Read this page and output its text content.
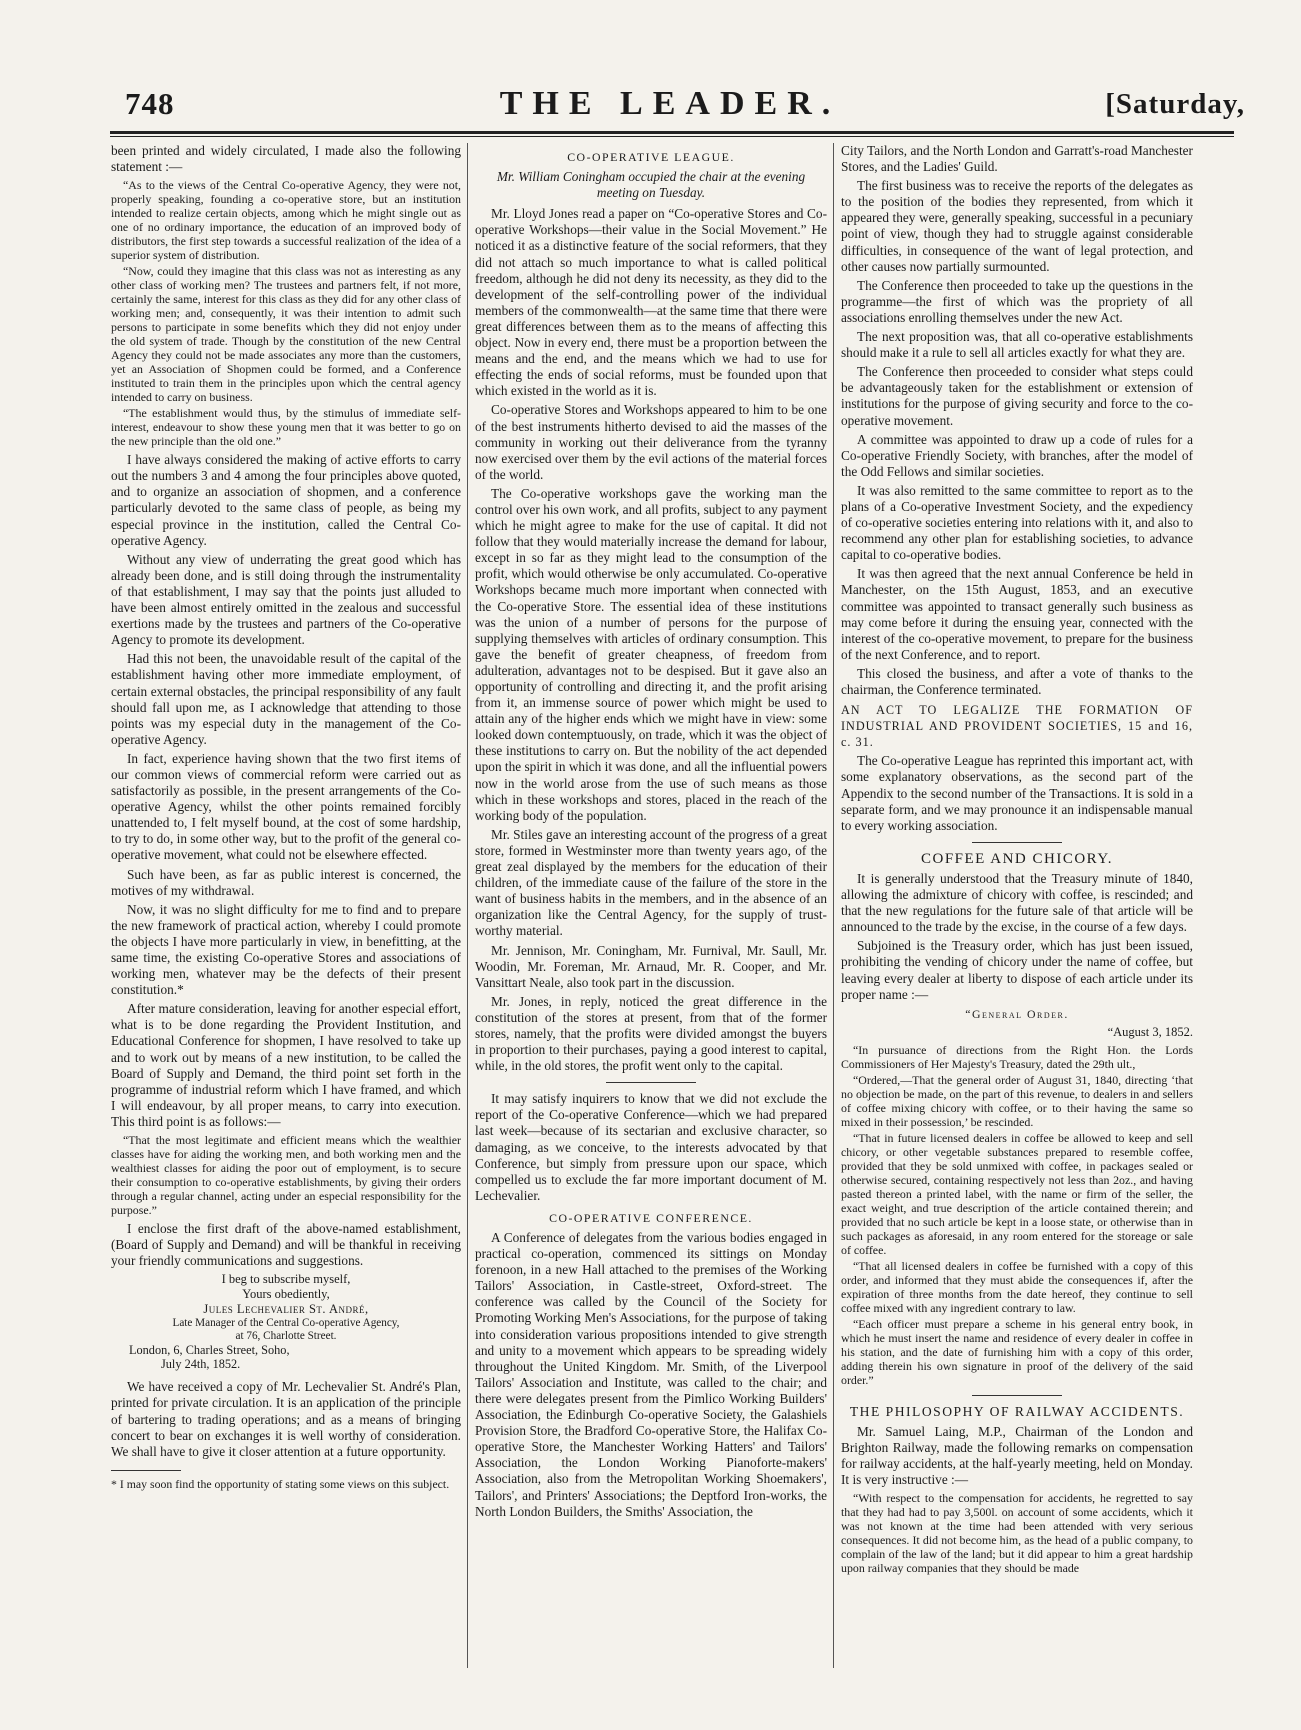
748	THE LEADER.	[Saturday,

been printed and widely circulated, I made also the following statement :—

“As to the views of the Central Co-operative Agency, they were not, properly speaking, founding a co-operative store, but an institution intended to realize certain objects, among which he might single out as one of no ordinary importance, the education of an improved body of distributors, the first step towards a successful realization of the idea of a superior system of distribution.

“Now, could they imagine that this class was not as interesting as any other class of working men? The trustees and partners felt, if not more, certainly the same, interest for this class as they did for any other class of working men; and, consequently, it was their intention to admit such persons to participate in some benefits which they did not enjoy under the old system of trade. Though by the constitution of the new Central Agency they could not be made associates any more than the customers, yet an Association of Shopmen could be formed, and a Conference instituted to train them in the principles upon which the central agency intended to carry on business.

“The establishment would thus, by the stimulus of immediate self-interest, endeavour to show these young men that it was better to go on the new principle than the old one.”

I have always considered the making of active efforts to carry out the numbers 3 and 4 among the four principles above quoted, and to organize an association of shopmen, and a conference particularly devoted to the same class of people, as being my especial province in the institution, called the Central Co-operative Agency.

Without any view of underrating the great good which has already been done, and is still doing through the instrumentality of that establishment, I may say that the points just alluded to have been almost entirely omitted in the zealous and successful exertions made by the trustees and partners of the Co-operative Agency to promote its development.

Had this not been, the unavoidable result of the capital of the establishment having other more immediate employment, of certain external obstacles, the principal responsibility of any fault should fall upon me, as I acknowledge that attending to those points was my especial duty in the management of the Co-operative Agency.

In fact, experience having shown that the two first items of our common views of commercial reform were carried out as satisfactorily as possible, in the present arrangements of the Co-operative Agency, whilst the other points remained forcibly unattended to, I felt myself bound, at the cost of some hardship, to try to do, in some other way, but to the profit of the general co-operative movement, what could not be elsewhere effected.

Such have been, as far as public interest is concerned, the motives of my withdrawal.

Now, it was no slight difficulty for me to find and to prepare the new framework of practical action, whereby I could promote the objects I have more particularly in view, in benefitting, at the same time, the existing Co-operative Stores and associations of working men, whatever may be the defects of their present constitution.*

After mature consideration, leaving for another especial effort, what is to be done regarding the Provident Institution, and Educational Conference for shopmen, I have resolved to take up and to work out by means of a new institution, to be called the Board of Supply and Demand, the third point set forth in the programme of industrial reform which I have framed, and which I will endeavour, by all proper means, to carry into execution. This third point is as follows:—

“That the most legitimate and efficient means which the wealthier classes have for aiding the working men, and both working men and the wealthiest classes for aiding the poor out of employment, is to secure their consumption to co-operative establishments, by giving their orders through a regular channel, acting under an especial responsibility for the purpose.”

I enclose the first draft of the above-named establishment, (Board of Supply and Demand) and will be thankful in receiving your friendly communications and suggestions.

I beg to subscribe myself,

Yours obediently,

Jules Lechevalier St. André,

Late Manager of the Central Co-operative Agency,

at 76, Charlotte Street.

London, 6, Charles Street, Soho,
July 24th, 1852.

We have received a copy of Mr. Lechevalier St. André's Plan, printed for private circulation. It is an application of the principle of bartering to trading operations; and as a means of bringing concert to bear on exchanges it is well worthy of consideration. We shall have to give it closer attention at a future opportunity.

* I may soon find the opportunity of stating some views on this subject.

CO-OPERATIVE LEAGUE.
Mr. William Coningham occupied the chair at the evening meeting on Tuesday.

Mr. Lloyd Jones read a paper on “Co-operative Stores and Co-operative Workshops—their value in the Social Movement.” He noticed it as a distinctive feature of the social reformers, that they did not attach so much importance to what is called political freedom, although he did not deny its necessity, as they did to the development of the self-controlling power of the individual members of the commonwealth—at the same time that there were great differences between them as to the means of affecting this object. Now in every end, there must be a proportion between the means and the end, and the means which we had to use for effecting the ends of social reforms, must be founded upon that which existed in the world as it is.

Co-operative Stores and Workshops appeared to him to be one of the best instruments hitherto devised to aid the masses of the community in working out their deliverance from the tyranny now exercised over them by the evil actions of the material forces of the world.

The Co-operative workshops gave the working man the control over his own work, and all profits, subject to any payment which he might agree to make for the use of capital. It did not follow that they would materially increase the demand for labour, except in so far as they might lead to the consumption of the profit, which would otherwise be only accumulated. Co-operative Workshops became much more important when connected with the Co-operative Store. The essential idea of these institutions was the union of a number of persons for the purpose of supplying themselves with articles of ordinary consumption. This gave the benefit of greater cheapness, of freedom from adulteration, advantages not to be despised. But it gave also an opportunity of controlling and directing it, and the profit arising from it, an immense source of power which might be used to attain any of the higher ends which we might have in view: some looked down contemptuously, on trade, which it was the object of these institutions to carry on. But the nobility of the act depended upon the spirit in which it was done, and all the influential powers now in the world arose from the use of such means as those which in these workshops and stores, placed in the reach of the working body of the population.

Mr. Stiles gave an interesting account of the progress of a great store, formed in Westminster more than twenty years ago, of the great zeal displayed by the members for the education of their children, of the immediate cause of the failure of the store in the want of business habits in the members, and in the absence of an organization like the Central Agency, for the supply of trust-worthy material.

Mr. Jennison, Mr. Coningham, Mr. Furnival, Mr. Saull, Mr. Woodin, Mr. Foreman, Mr. Arnaud, Mr. R. Cooper, and Mr. Vansittart Neale, also took part in the discussion.

Mr. Jones, in reply, noticed the great difference in the constitution of the stores at present, from that of the former stores, namely, that the profits were divided amongst the buyers in proportion to their purchases, paying a good interest to capital, while, in the old stores, the profit went only to the capital.

It may satisfy inquirers to know that we did not exclude the report of the Co-operative Conference—which we had prepared last week—because of its sectarian and exclusive character, so damaging, as we conceive, to the interests advocated by that Conference, but simply from pressure upon our space, which compelled us to exclude the far more important document of M. Lechevalier.

CO-OPERATIVE CONFERENCE.

A Conference of delegates from the various bodies engaged in practical co-operation, commenced its sittings on Monday forenoon, in a new Hall attached to the premises of the Working Tailors' Association, in Castle-street, Oxford-street. The conference was called by the Council of the Society for Promoting Working Men's Associations, for the purpose of taking into consideration various propositions intended to give strength and unity to a movement which appears to be spreading widely throughout the United Kingdom. Mr. Smith, of the Liverpool Tailors' Association and Institute, was called to the chair; and there were delegates present from the Pimlico Working Builders' Association, the Edinburgh Co-operative Society, the Galashiels Provision Store, the Bradford Co-operative Store, the Halifax Co-operative Store, the Manchester Working Hatters' and Tailors' Association, the London Working Pianoforte-makers' Association, also from the Metropolitan Working Shoemakers', Tailors', and Printers' Associations; the Deptford Iron-works, the North London Builders, the Smiths' Association, the

City Tailors, and the North London and Garratt's-road Manchester Stores, and the Ladies' Guild.

The first business was to receive the reports of the delegates as to the position of the bodies they represented, from which it appeared they were, generally speaking, successful in a pecuniary point of view, though they had to struggle against considerable difficulties, in consequence of the want of legal protection, and other causes now partially surmounted.

The Conference then proceeded to take up the questions in the programme—the first of which was the propriety of all associations enrolling themselves under the new Act.

The next proposition was, that all co-operative establishments should make it a rule to sell all articles exactly for what they are.

The Conference then proceeded to consider what steps could be advantageously taken for the establishment or extension of institutions for the purpose of giving security and force to the co-operative movement.

A committee was appointed to draw up a code of rules for a Co-operative Friendly Society, with branches, after the model of the Odd Fellows and similar societies.

It was also remitted to the same committee to report as to the plans of a Co-operative Investment Society, and the expediency of co-operative societies entering into relations with it, and also to recommend any other plan for establishing societies, to advance capital to co-operative bodies.

It was then agreed that the next annual Conference be held in Manchester, on the 15th August, 1853, and an executive committee was appointed to transact generally such business as may come before it during the ensuing year, connected with the interest of the co-operative movement, to prepare for the business of the next Conference, and to report.

This closed the business, and after a vote of thanks to the chairman, the Conference terminated.

AN ACT TO LEGALIZE THE FORMATION OF INDUSTRIAL AND PROVIDENT SOCIETIES, 15 and 16, c. 31.

The Co-operative League has reprinted this important act, with some explanatory observations, as the second part of the Appendix to the second number of the Transactions. It is sold in a separate form, and we may pronounce it an indispensable manual to every working association.

COFFEE AND CHICORY.

It is generally understood that the Treasury minute of 1840, allowing the admixture of chicory with coffee, is rescinded; and that the new regulations for the future sale of that article will be announced to the trade by the excise, in the course of a few days.

Subjoined is the Treasury order, which has just been issued, prohibiting the vending of chicory under the name of coffee, but leaving every dealer at liberty to dispose of each article under its proper name :—

“General Order.
“August 3, 1852.

“In pursuance of directions from the Right Hon. the Lords Commissioners of Her Majesty's Treasury, dated the 29th ult.,

“Ordered,—That the general order of August 31, 1840, directing ‘that no objection be made, on the part of this revenue, to dealers in and sellers of coffee mixing chicory with coffee, or to their having the same so mixed in their possession,’ be rescinded.

“That in future licensed dealers in coffee be allowed to keep and sell chicory, or other vegetable substances prepared to resemble coffee, provided that they be sold unmixed with coffee, in packages sealed or otherwise secured, containing respectively not less than 2oz., and having pasted thereon a printed label, with the name or firm of the seller, the exact weight, and true description of the article contained therein; and provided that no such article be kept in a loose state, or otherwise than in such packages as aforesaid, in any room entered for the storeage or sale of coffee.

“That all licensed dealers in coffee be furnished with a copy of this order, and informed that they must abide the consequences if, after the expiration of three months from the date hereof, they continue to sell coffee mixed with any ingredient contrary to law.

“Each officer must prepare a scheme in his general entry book, in which he must insert the name and residence of every dealer in coffee in his station, and the date of furnishing him with a copy of this order, adding therein his own signature in proof of the delivery of the said order.”

THE PHILOSOPHY OF RAILWAY ACCIDENTS.

Mr. Samuel Laing, M.P., Chairman of the London and Brighton Railway, made the following remarks on compensation for railway accidents, at the half-yearly meeting, held on Monday. It is very instructive :—

“With respect to the compensation for accidents, he regretted to say that they had had to pay 3,500l. on account of some accidents, which it was not known at the time had been attended with very serious consequences. It did not become him, as the head of a public company, to complain of the law of the land; but it did appear to him a great hardship upon railway companies that they should be made
